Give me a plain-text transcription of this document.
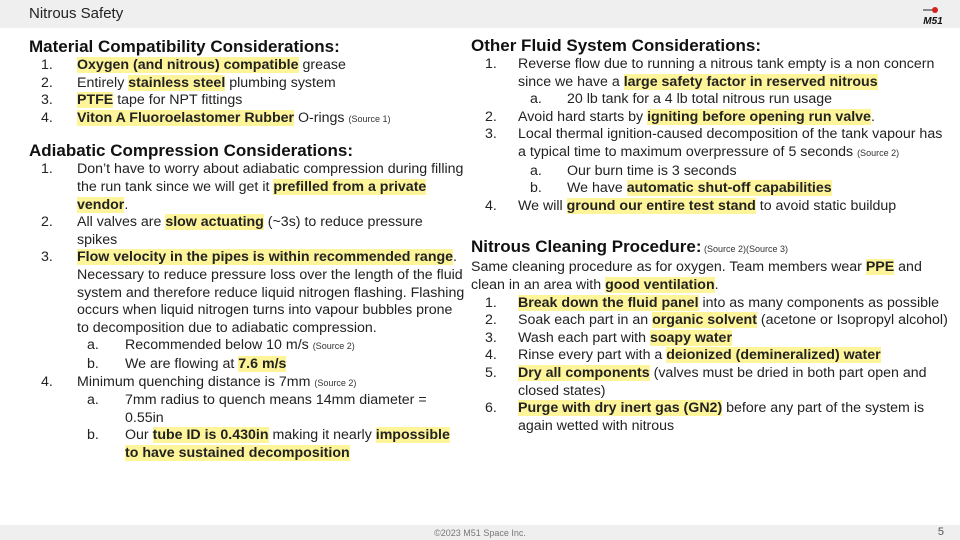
Nitrous Safety	M51
Material Compatibility Considerations:
1. Oxygen (and nitrous) compatible grease
2. Entirely stainless steel plumbing system
3. PTFE tape for NPT fittings
4. Viton A Fluoroelastomer Rubber O-rings (Source 1)
Adiabatic Compression Considerations:
1. Don’t have to worry about adiabatic compression during filling the run tank since we will get it prefilled from a private vendor.
2. All valves are slow actuating (~3s) to reduce pressure spikes
3. Flow velocity in the pipes is within recommended range. Necessary to reduce pressure loss over the length of the fluid system and therefore reduce liquid nitrogen flashing. Flashing occurs when liquid nitrogen turns into vapour bubbles prone to decomposition due to adiabatic compression.
a. Recommended below 10 m/s (Source 2)
b. We are flowing at 7.6 m/s
4. Minimum quenching distance is 7mm (Source 2)
a. 7mm radius to quench means 14mm diameter = 0.55in
b. Our tube ID is 0.430in making it nearly impossible to have sustained decomposition
Other Fluid System Considerations:
1. Reverse flow due to running a nitrous tank empty is a non concern since we have a large safety factor in reserved nitrous
a. 20 lb tank for a 4 lb total nitrous run usage
2. Avoid hard starts by igniting before opening run valve.
3. Local thermal ignition-caused decomposition of the tank vapour has a typical time to maximum overpressure of 5 seconds (Source 2)
a. Our burn time is 3 seconds
b. We have automatic shut-off capabilities
4. We will ground our entire test stand to avoid static buildup
Nitrous Cleaning Procedure: (Source 2)(Source 3)

Same cleaning procedure as for oxygen. Team members wear PPE and clean in an area with good ventilation.

1. Break down the fluid panel into as many components as possible
2. Soak each part in an organic solvent (acetone or Isopropyl alcohol)
3. Wash each part with soapy water
4. Rinse every part with a deionized (demineralized) water
5. Dry all components (valves must be dried in both part open and closed states)
6. Purge with dry inert gas (GN2) before any part of the system is again wetted with nitrous
©2023 M51 Space Inc.	5
